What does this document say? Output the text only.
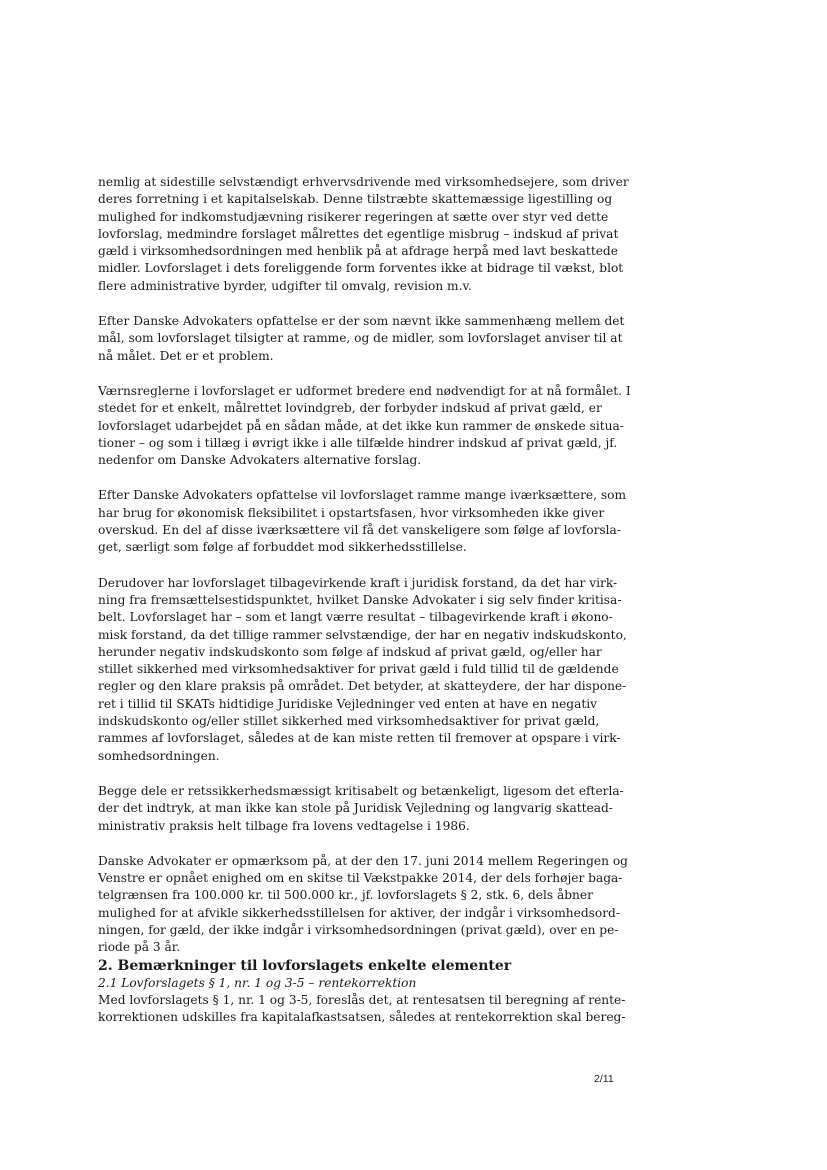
nemlig at sidestille selvstændigt erhvervsdrivende med virksomhedsejere, som driver
deres forretning i et kapitalselskab. Denne tilstræbte skattemæssige ligestilling og
mulighed for indkomstudjævning risikerer regeringen at sætte over styr ved dette
lovforslag, medmindre forslaget målrettes det egentlige misbrug – indskud af privat
gæld i virksomhedsordningen med henblik på at afdrage herpå med lavt beskattede
midler. Lovforslaget i dets foreliggende form forventes ikke at bidrage til vækst, blot
flere administrative byrder, udgifter til omvalg, revision m.v.

Efter Danske Advokaters opfattelse er der som nævnt ikke sammenhæng mellem det
mål, som lovforslaget tilsigter at ramme, og de midler, som lovforslaget anviser til at
nå målet. Det er et problem.

Værnsreglerne i lovforslaget er udformet bredere end nødvendigt for at nå formålet. I
stedet for et enkelt, målrettet lovindgreb, der forbyder indskud af privat gæld, er
lovforslaget udarbejdet på en sådan måde, at det ikke kun rammer de ønskede situa-
tioner – og som i tillæg i øvrigt ikke i alle tilfælde hindrer indskud af privat gæld, jf.
nedenfor om Danske Advokaters alternative forslag.

Efter Danske Advokaters opfattelse vil lovforslaget ramme mange iværksættere, som
har brug for økonomisk fleksibilitet i opstartsfasen, hvor virksomheden ikke giver
overskud. En del af disse iværksættere vil få det vanskeligere som følge af lovforsla-
get, særligt som følge af forbuddet mod sikkerhedsstillelse.

Derudover har lovforslaget tilbagevirkende kraft i juridisk forstand, da det har virk-
ning fra fremsættelsestidspunktet, hvilket Danske Advokater i sig selv finder kritisa-
belt. Lovforslaget har – som et langt værre resultat – tilbagevirkende kraft i økono-
misk forstand, da det tillige rammer selvstændige, der har en negativ indskudskonto,
herunder negativ indskudskonto som følge af indskud af privat gæld, og/eller har
stillet sikkerhed med virksomhedsaktiver for privat gæld i fuld tillid til de gældende
regler og den klare praksis på området. Det betyder, at skatteydere, der har dispone-
ret i tillid til SKATs hidtidige Juridiske Vejledninger ved enten at have en negativ
indskudskonto og/eller stillet sikkerhed med virksomhedsaktiver for privat gæld,
rammes af lovforslaget, således at de kan miste retten til fremover at opspare i virk-
somhedsordningen.

Begge dele er retssikkerhedsmæssigt kritisabelt og betænkeligt, ligesom det efterla-
der det indtryk, at man ikke kan stole på Juridisk Vejledning og langvarig skattead-
ministrativ praksis helt tilbage fra lovens vedtagelse i 1986.

Danske Advokater er opmærksom på, at der den 17. juni 2014 mellem Regeringen og
Venstre er opnået enighed om en skitse til Vækstpakke 2014, der dels forhøjer baga-
telgrænsen fra 100.000 kr. til 500.000 kr., jf. lovforslagets § 2, stk. 6, dels åbner
mulighed for at afvikle sikkerhedsstillelsen for aktiver, der indgår i virksomhedsord-
ningen, for gæld, der ikke indgår i virksomhedsordningen (privat gæld), over en pe-
riode på 3 år.

2. Bemærkninger til lovforslagets enkelte elementer

2.1 Lovforslagets § 1, nr. 1 og 3-5 – rentekorrektion

Med lovforslagets § 1, nr. 1 og 3-5, foreslås det, at rentesatsen til beregning af rente-
korrektionen udskilles fra kapitalafkastsatsen, således at rentekorrektion skal bereg-

2/11
